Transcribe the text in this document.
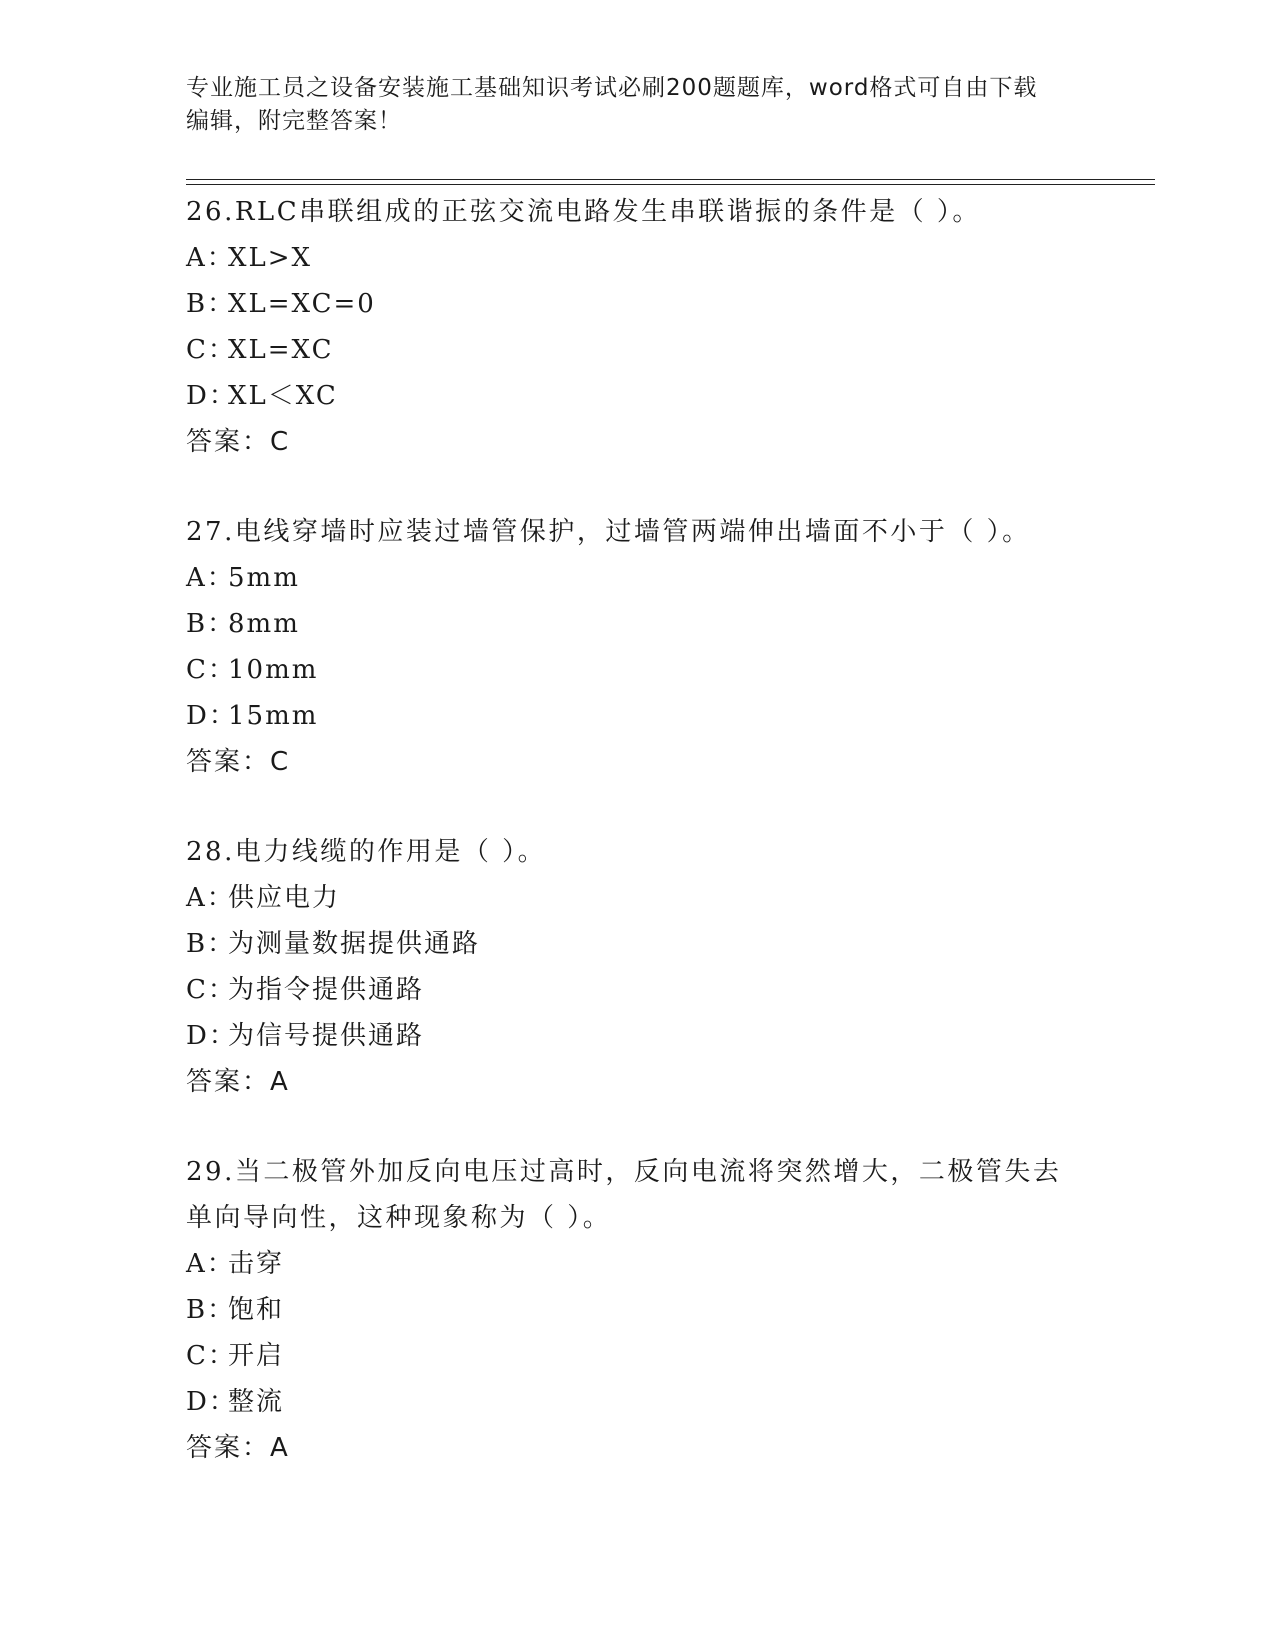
专业施工员之设备安装施工基础知识考试必刷200题题库，word格式可自由下载
编辑，附完整答案！
26.RLC串联组成的正弦交流电路发生串联谐振的条件是（ ）。
A：XL>X
B：XL=XC=0
C：XL=XC
D：XL＜XC
答案：C
27.电线穿墙时应装过墙管保护，过墙管两端伸出墙面不小于（ ）。
A：5mm
B：8mm
C：10mm
D：15mm
答案：C
28.电力线缆的作用是（ ）。
A：供应电力
B：为测量数据提供通路
C：为指令提供通路
D：为信号提供通路
答案：A
29.当二极管外加反向电压过高时，反向电流将突然增大，二极管失去
单向导向性，这种现象称为（ ）。
A：击穿
B：饱和
C：开启
D：整流
答案：A
